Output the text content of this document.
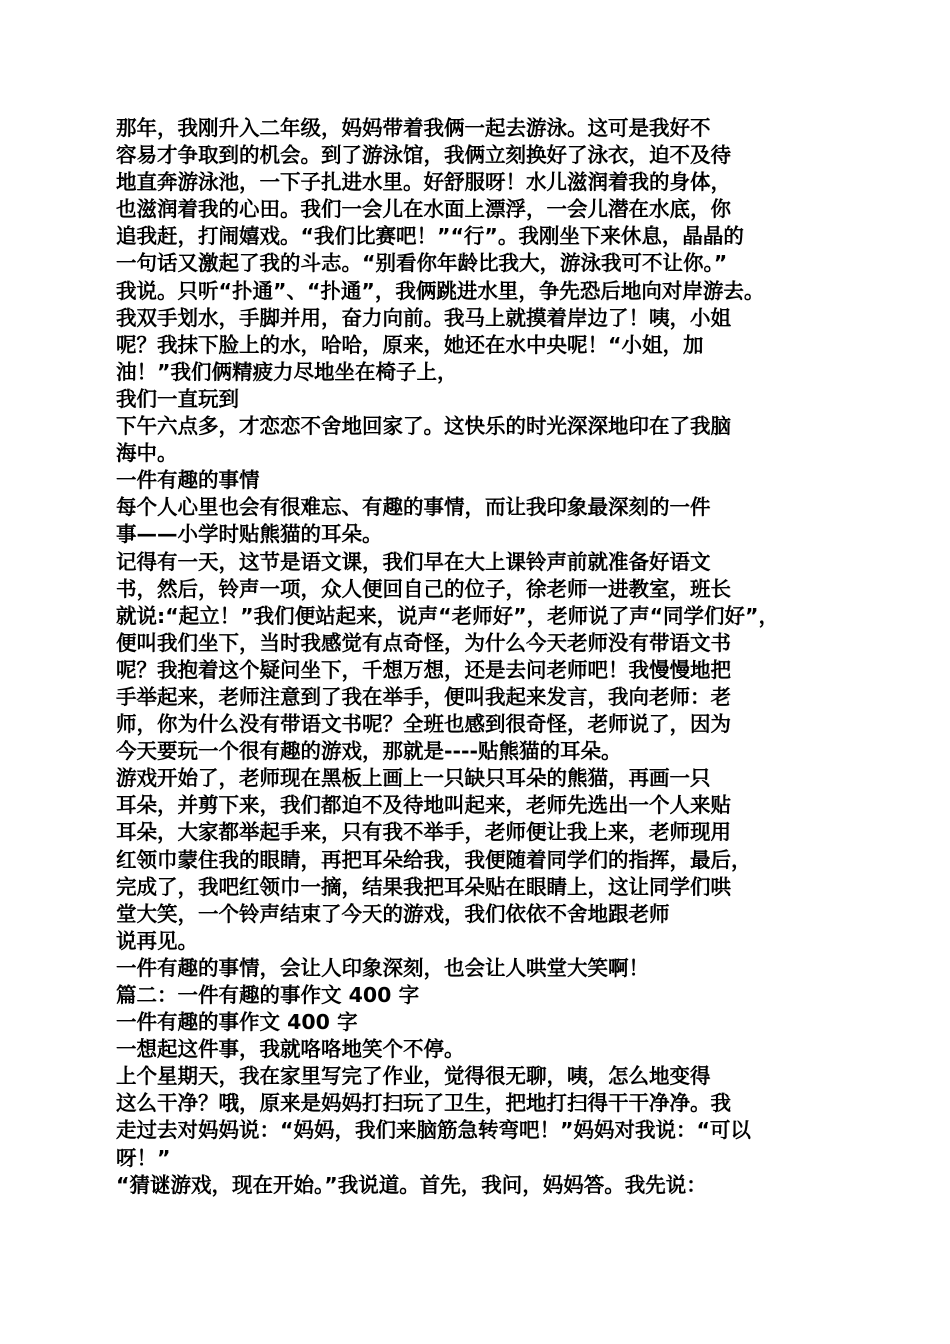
那年，我刚升入二年级，妈妈带着我俩一起去游泳。这可是我好不
容易才争取到的机会。到了游泳馆，我俩立刻换好了泳衣，迫不及待
地直奔游泳池，一下子扎进水里。好舒服呀！水儿滋润着我的身体，
也滋润着我的心田。我们一会儿在水面上漂浮，一会儿潜在水底，你
追我赶，打闹嬉戏。“我们比赛吧！”“行”。我刚坐下来休息，晶晶的
一句话又激起了我的斗志。“别看你年龄比我大，游泳我可不让你。”
我说。只听“扑通”、“扑通”，我俩跳进水里，争先恐后地向对岸游去。
我双手划水，手脚并用，奋力向前。我马上就摸着岸边了！咦，小姐
呢？我抹下脸上的水，哈哈，原来，她还在水中央呢！“小姐，加
油！”我们俩精疲力尽地坐在椅子上，
我们一直玩到
下午六点多，才恋恋不舍地回家了。这快乐的时光深深地印在了我脑
海中。
一件有趣的事情
每个人心里也会有很难忘、有趣的事情，而让我印象最深刻的一件
事——小学时贴熊猫的耳朵。
记得有一天，这节是语文课，我们早在大上课铃声前就准备好语文
书，然后，铃声一项，众人便回自己的位子，徐老师一进教室，班长
就说:“起立！”我们便站起来，说声“老师好”，老师说了声“同学们好”，
便叫我们坐下，当时我感觉有点奇怪，为什么今天老师没有带语文书
呢？我抱着这个疑问坐下，千想万想，还是去问老师吧！我慢慢地把
手举起来，老师注意到了我在举手，便叫我起来发言，我向老师：老
师，你为什么没有带语文书呢？全班也感到很奇怪，老师说了，因为
今天要玩一个很有趣的游戏，那就是----贴熊猫的耳朵。
游戏开始了，老师现在黑板上画上一只缺只耳朵的熊猫，再画一只
耳朵，并剪下来，我们都迫不及待地叫起来，老师先选出一个人来贴
耳朵，大家都举起手来，只有我不举手，老师便让我上来，老师现用
红领巾蒙住我的眼睛，再把耳朵给我，我便随着同学们的指挥，最后，
完成了，我吧红领巾一摘，结果我把耳朵贴在眼睛上，这让同学们哄
堂大笑，一个铃声结束了今天的游戏，我们依依不舍地跟老师
说再见。
一件有趣的事情，会让人印象深刻，也会让人哄堂大笑啊！
篇二：一件有趣的事作文 400 字
一件有趣的事作文 400 字
一想起这件事，我就咯咯地笑个不停。
上个星期天，我在家里写完了作业，觉得很无聊，咦，怎么地变得
这么干净？哦，原来是妈妈打扫玩了卫生，把地打扫得干干净净。我
走过去对妈妈说：“妈妈，我们来脑筋急转弯吧！”妈妈对我说：“可以
呀！”
“猜谜游戏，现在开始。”我说道。首先，我问，妈妈答。我先说：
